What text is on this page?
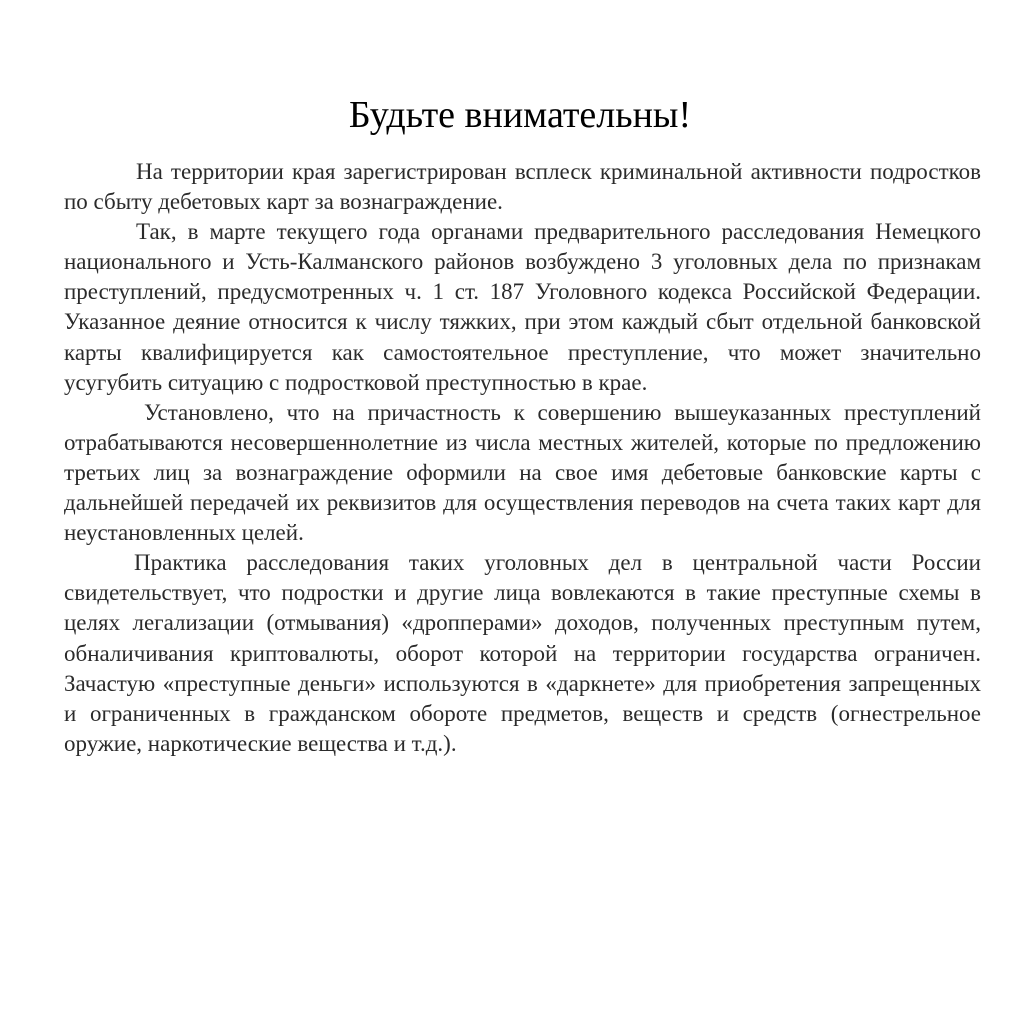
Будьте внимательны!

На территории края зарегистрирован всплеск криминальной активности подростков по сбыту дебетовых карт за вознаграждение.

Так, в марте текущего года органами предварительного расследования Немецкого национального и Усть-Калманского районов возбуждено 3 уголовных дела по признакам преступлений, предусмотренных ч. 1 ст. 187 Уголовного кодекса Российской Федерации. Указанное деяние относится к числу тяжких, при этом каждый сбыт отдельной банковской карты квалифицируется как самостоятельное преступление, что может значительно усугубить ситуацию с подростковой преступностью в крае.

Установлено, что на причастность к совершению вышеуказанных преступлений отрабатываются несовершеннолетние из числа местных жителей, которые по предложению третьих лиц за вознаграждение оформили на свое имя дебетовые банковские карты с дальнейшей передачей их реквизитов для осуществления переводов на счета таких карт для неустановленных целей.

Практика расследования таких уголовных дел в центральной части России свидетельствует, что подростки и другие лица вовлекаются в такие преступные схемы в целях легализации (отмывания) «дропперами» доходов, полученных преступным путем, обналичивания криптовалюты, оборот которой на территории государства ограничен. Зачастую «преступные деньги» используются в «даркнете» для приобретения запрещенных и ограниченных в гражданском обороте предметов, веществ и средств (огнестрельное оружие, наркотические вещества и т.д.).
